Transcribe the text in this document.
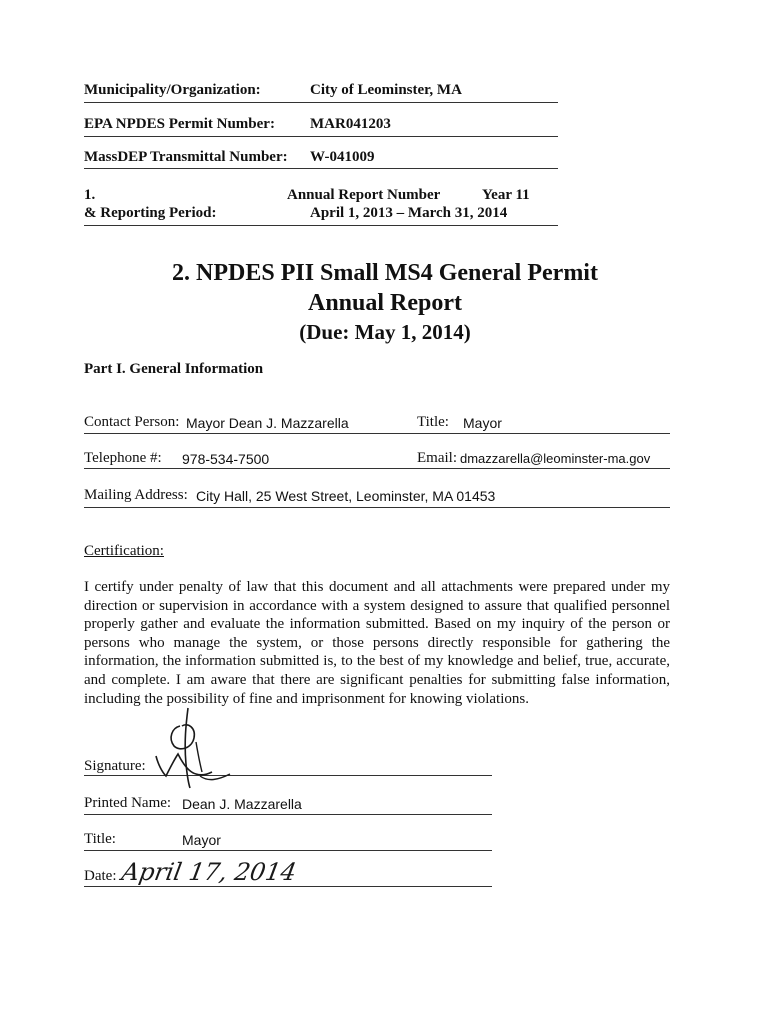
Municipality/Organization:	City of Leominster, MA
EPA NPDES Permit Number: MAR041203
MassDEP Transmittal Number: W-041009
1.	Annual Report Number	Year 11
& Reporting Period:	April 1, 2013 – March 31, 2014
2. NPDES PII Small MS4 General Permit
Annual Report
(Due: May 1, 2014)
Part I. General Information
Contact Person: Mayor Dean J. Mazzarella	Title: Mayor
Telephone #: 978-534-7500	Email: dmazzarella@leominster-ma.gov
Mailing Address: City Hall, 25 West Street, Leominster, MA 01453
Certification:
I certify under penalty of law that this document and all attachments were prepared under my direction or supervision in accordance with a system designed to assure that qualified personnel properly gather and evaluate the information submitted. Based on my inquiry of the person or persons who manage the system, or those persons directly responsible for gathering the information, the information submitted is, to the best of my knowledge and belief, true, accurate, and complete. I am aware that there are significant penalties for submitting false information, including the possibility of fine and imprisonment for knowing violations.
Signature:
Printed Name: Dean J. Mazzarella
Title:	Mayor
Date: April 17, 2014
